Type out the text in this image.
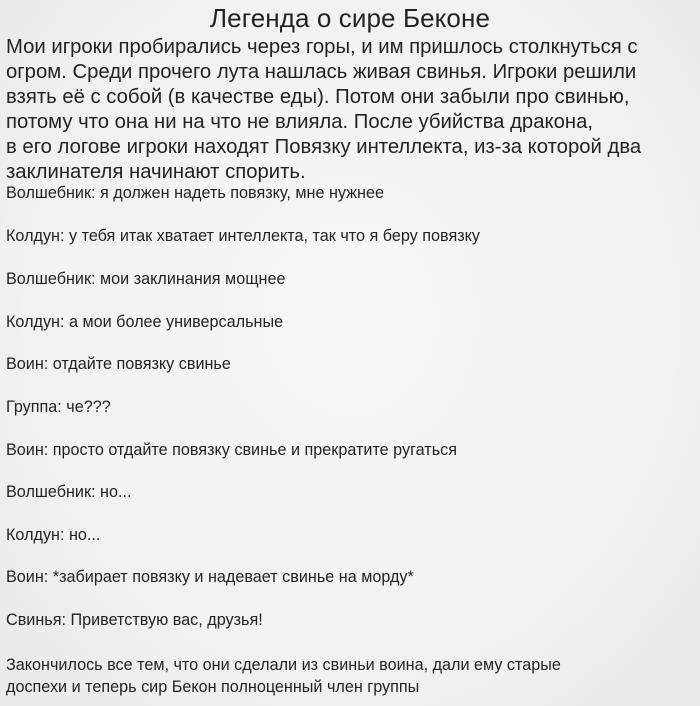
Легенда о сире Беконе
Мои игроки пробирались через горы, и им пришлось столкнуться с
огром. Среди прочего лута нашлась живая свинья. Игроки решили
взять её с собой (в качестве еды). Потом они забыли про свинью,
потому что она ни на что не влияла. После убийства дракона,
в его логове игроки находят Повязку интеллекта, из-за которой два
заклинателя начинают спорить.
Волшебник: я должен надеть повязку, мне нужнее
Колдун: у тебя итак хватает интеллекта, так что я беру повязку
Волшебник: мои заклинания мощнее
Колдун: а мои более универсальные
Воин: отдайте повязку свинье
Группа: че???
Воин: просто отдайте повязку свинье и прекратите ругаться
Волшебник: но...
Колдун: но...
Воин: *забирает повязку и надевает свинье на морду*
Свинья: Приветствую вас, друзья!
Закончилось все тем, что они сделали из свиньи воина, дали ему старые
доспехи и теперь сир Бекон полноценный член группы
